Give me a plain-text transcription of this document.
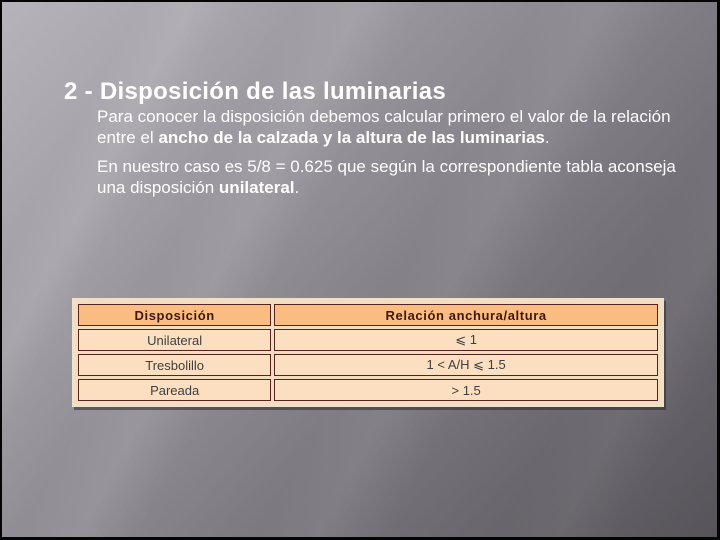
2 - Disposición de las luminarias

Para conocer la disposición debemos calcular primero el valor de la relación entre el ancho de la calzada y la altura de las luminarias.

En nuestro caso es 5/8 = 0.625 que según la correspondiente tabla aconseja una disposición unilateral.

Disposición	Relación anchura/altura
Unilateral	⩽ 1
Tresbolillo	1 < A/H ⩽ 1.5
Pareada	> 1.5
